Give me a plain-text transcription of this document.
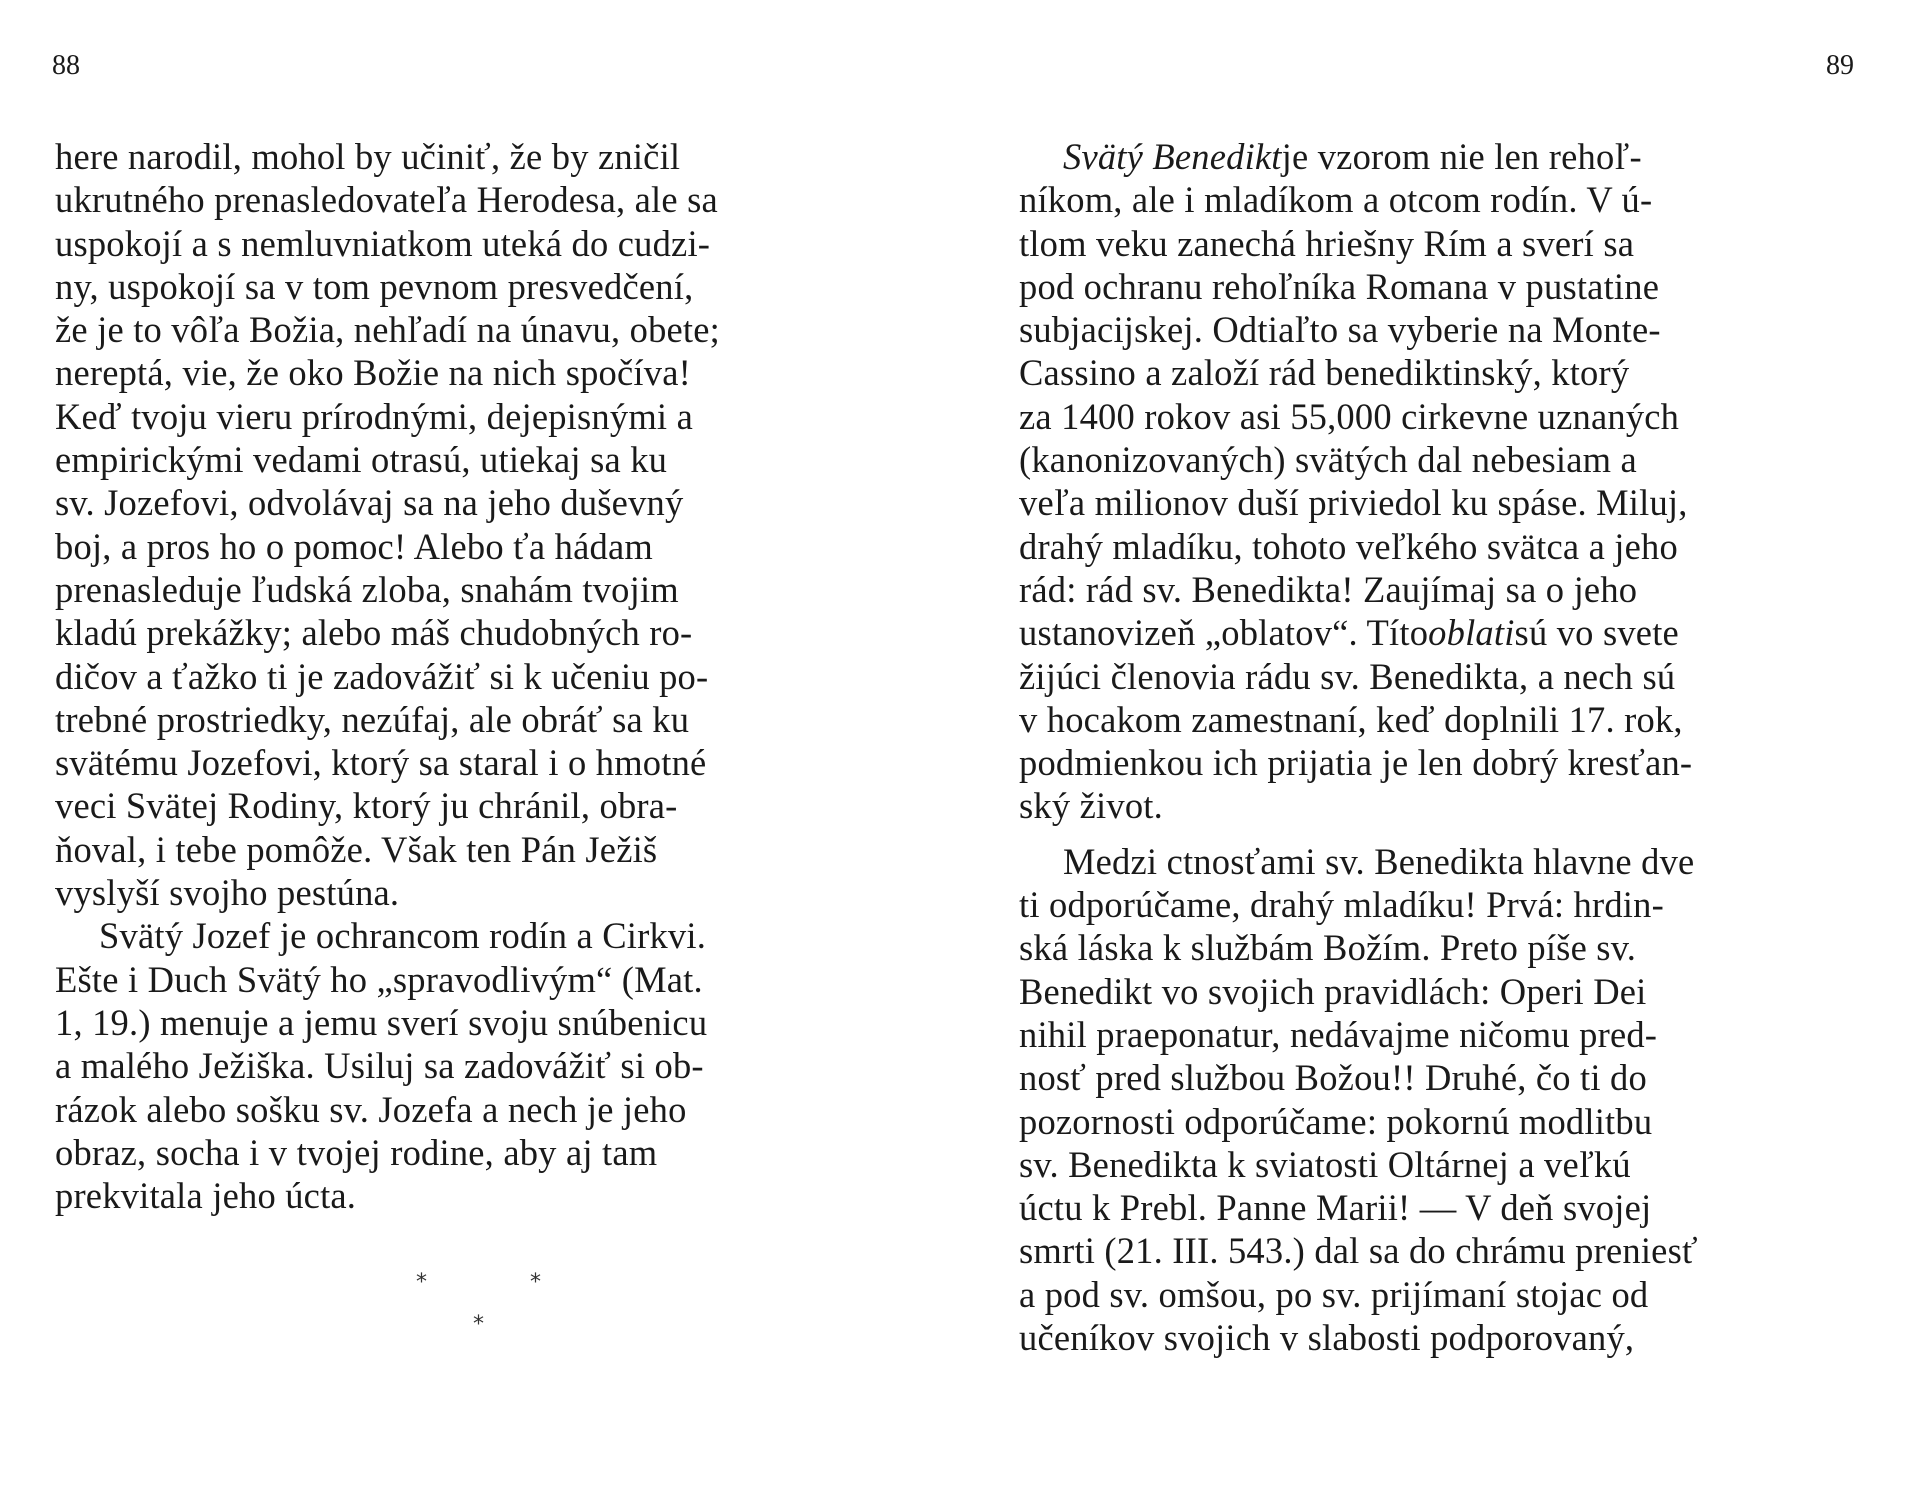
88
here narodil, mohol by učiniť, že by zničil
ukrutného prenasledovateľa Herodesa, ale sa
uspokojí a s nemluvniatkom uteká do cudzi-
ny, uspokojí sa v tom pevnom presvedčení,
že je to vôľa Božia, nehľadí na únavu, obete;
nereptá, vie, že oko Božie na nich spočíva!
Keď tvoju vieru prírodnými, dejepisnými a
empirickými vedami otrasú, utiekaj sa ku
sv. Jozefovi, odvolávaj sa na jeho duševný
boj, a pros ho o pomoc! Alebo ťa hádam
prenasleduje ľudská zloba, snahám tvojim
kladú prekážky; alebo máš chudobných ro-
dičov a ťažko ti je zadovážiť si k učeniu po-
trebné prostriedky, nezúfaj, ale obráť sa ku
svätému Jozefovi, ktorý sa staral i o hmotné
veci Svätej Rodiny, ktorý ju chránil, obra-
ňoval, i tebe pomôže. Však ten Pán Ježiš
vyslyší svojho pestúna.
Svätý Jozef je ochrancom rodín a Cirkvi.
Ešte i Duch Svätý ho „spravodlivým“ (Mat.
1, 19.) menuje a jemu sverí svoju snúbenicu
a malého Ježiška. Usiluj sa zadovážiť si ob-
rázok alebo sošku sv. Jozefa a nech je jeho
obraz, socha i v tvojej rodine, aby aj tam
prekvitala jeho úcta.
*	*
*
89
Svätý Benediktje vzorom nie len rehoľ-
níkom, ale i mladíkom a otcom rodín. V ú-
tlom veku zanechá hriešny Rím a sverí sa
pod ochranu rehoľníka Romana v pustatine
subjacijskej. Odtiaľto sa vyberie na Monte-
Cassino a založí rád benediktinský, ktorý
za 1400 rokov asi 55,000 cirkevne uznaných
(kanonizovaných) svätých dal nebesiam a
veľa milionov duší priviedol ku spáse. Miluj,
drahý mladíku, tohoto veľkého svätca a jeho
rád: rád sv. Benedikta! Zaujímaj sa o jeho
ustanovizeň „oblatov“. Títooblatisú vo svete
žijúci členovia rádu sv. Benedikta, a nech sú
v hocakom zamestnaní, keď doplnili 17. rok,
podmienkou ich prijatia je len dobrý kresťan-
ský život.
Medzi ctnosťami sv. Benedikta hlavne dve
ti odporúčame, drahý mladíku! Prvá: hrdin-
ská láska k službám Božím. Preto píše sv.
Benedikt vo svojich pravidlách: Operi Dei
nihil praeponatur, nedávajme ničomu pred-
nosť pred službou Božou!! Druhé, čo ti do
pozornosti odporúčame: pokornú modlitbu
sv. Benedikta k sviatosti Oltárnej a veľkú
úctu k Prebl. Panne Marii! — V deň svojej
smrti (21. III. 543.) dal sa do chrámu preniesť
a pod sv. omšou, po sv. prijímaní stojac od
učeníkov svojich v slabosti podporovaný,
